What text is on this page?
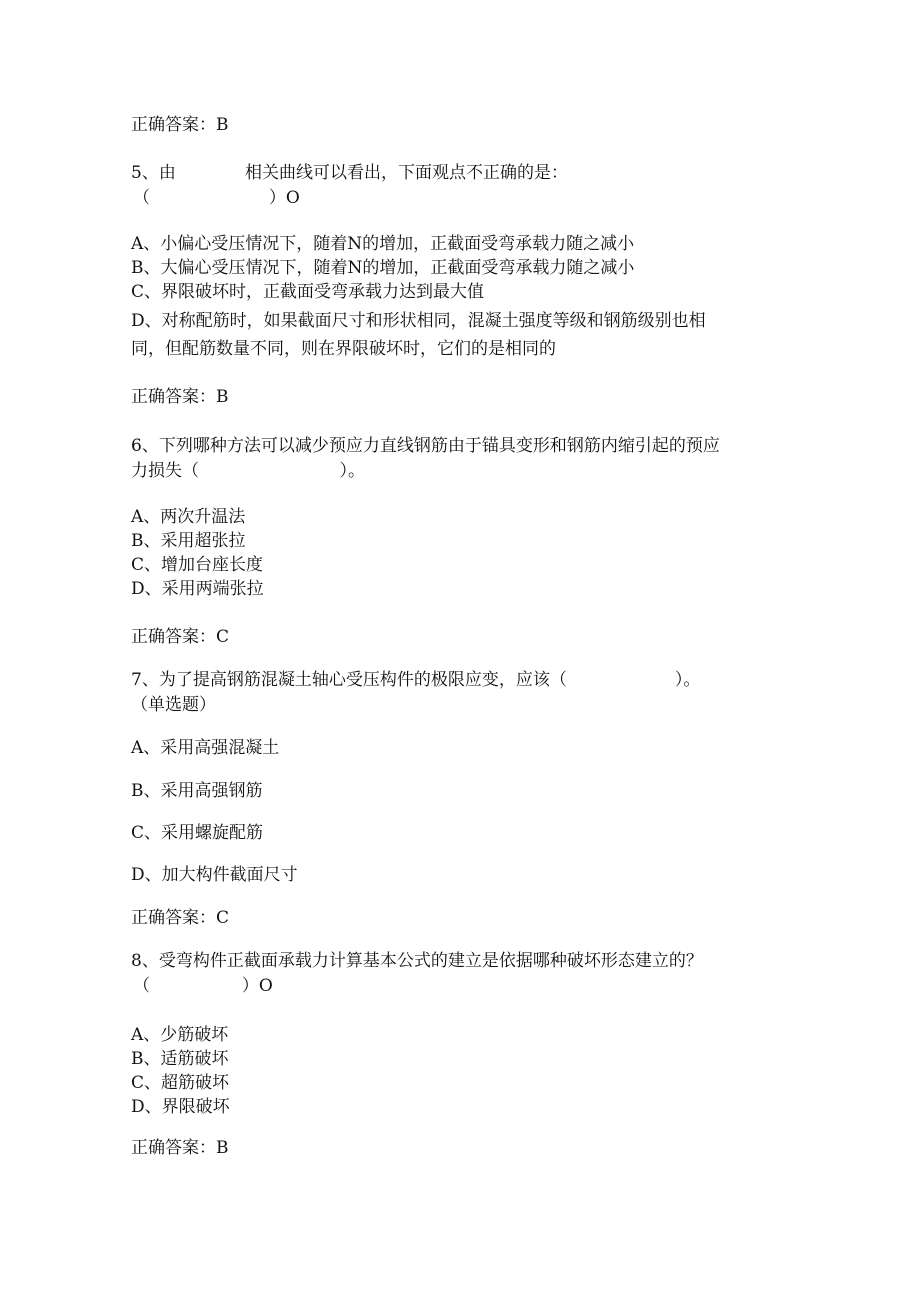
正确答案：B
5、由	相关曲线可以看出，下面观点不正确的是：
（                      ）O
A、小偏心受压情况下，随着N的增加，正截面受弯承载力随之减小
B、大偏心受压情况下，随着N的增加，正截面受弯承载力随之减小
C、界限破坏时，正截面受弯承载力达到最大值
D、对称配筋时，如果截面尺寸和形状相同，混凝土强度等级和钢筋级别也相
同，但配筋数量不同，则在界限破坏时，它们的是相同的
正确答案：B
6、下列哪种方法可以减少预应力直线钢筋由于锚具变形和钢筋内缩引起的预应
力损失（                          ）。
A、两次升温法
B、采用超张拉
C、增加台座长度
D、采用两端张拉
正确答案：C
7、为了提高钢筋混凝土轴心受压构件的极限应变，应该（                    ）。
（单选题）
A、采用高强混凝土
B、采用高强钢筋
C、采用螺旋配筋
D、加大构件截面尺寸
正确答案：C
8、受弯构件正截面承载力计算基本公式的建立是依据哪种破坏形态建立的？
（                 ）O
A、少筋破坏
B、适筋破坏
C、超筋破坏
D、界限破坏
正确答案：B
